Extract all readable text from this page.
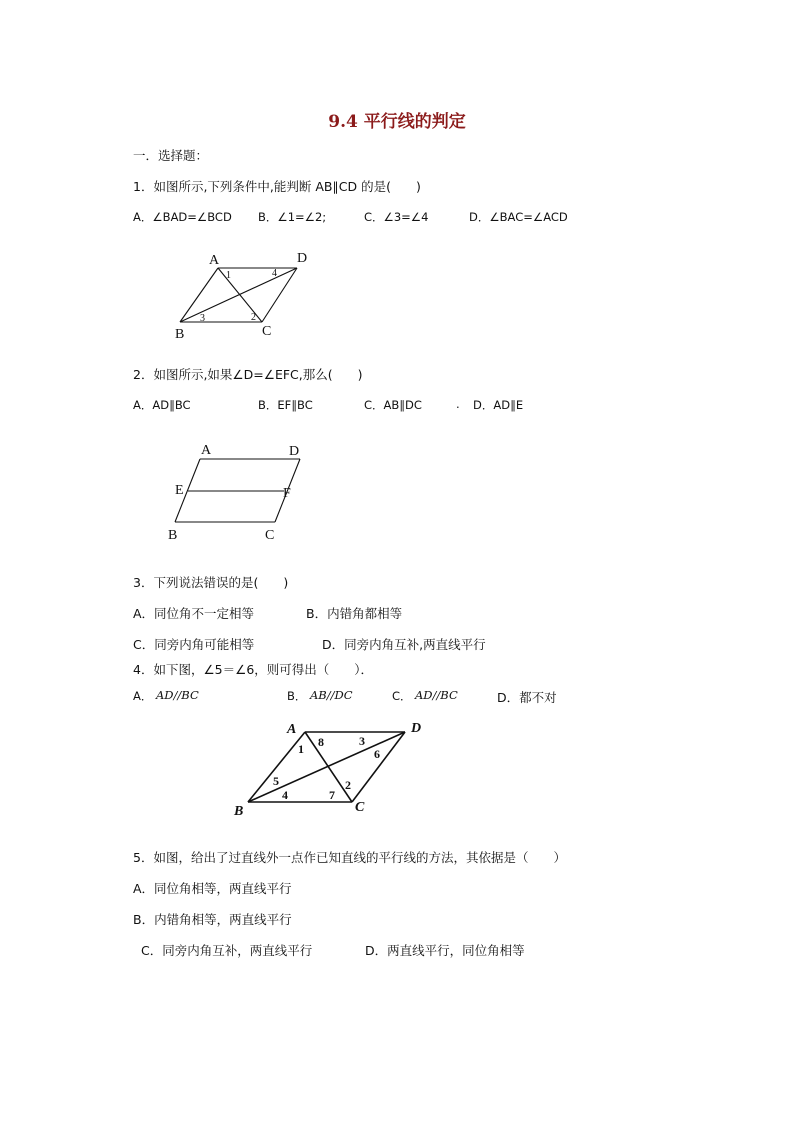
9.4 平行线的判定
一．选择题：
1．如图所示,下列条件中,能判断 AB∥CD 的是(　　)
A．∠BAD=∠BCD B．∠1=∠2;	C．∠3=∠4	D．∠BAC=∠ACD
A	D
B	C
1	4
3	2
2．如图所示,如果∠D=∠EFC,那么(　　)
A．AD∥BC	B．EF∥BC	C．AB∥DC	. D．AD∥E
A	D
E	F
B	C
3．下列说法错误的是(　　)
A．同位角不一定相等	B．内错角都相等
C．同旁内角可能相等	D．同旁内角互补,两直线平行
4．如下图，∠5＝∠6，则可得出（　　）．
A． AD//BC	B． AB//DC	C． AD//BC	D．都不对
A	D
B	C
1 8	3
6
2
5
4	7
5．如图，给出了过直线外一点作已知直线的平行线的方法，其依据是（　　）
A．同位角相等，两直线平行
B．内错角相等，两直线平行
C．同旁内角互补，两直线平行	D．两直线平行，同位角相等
